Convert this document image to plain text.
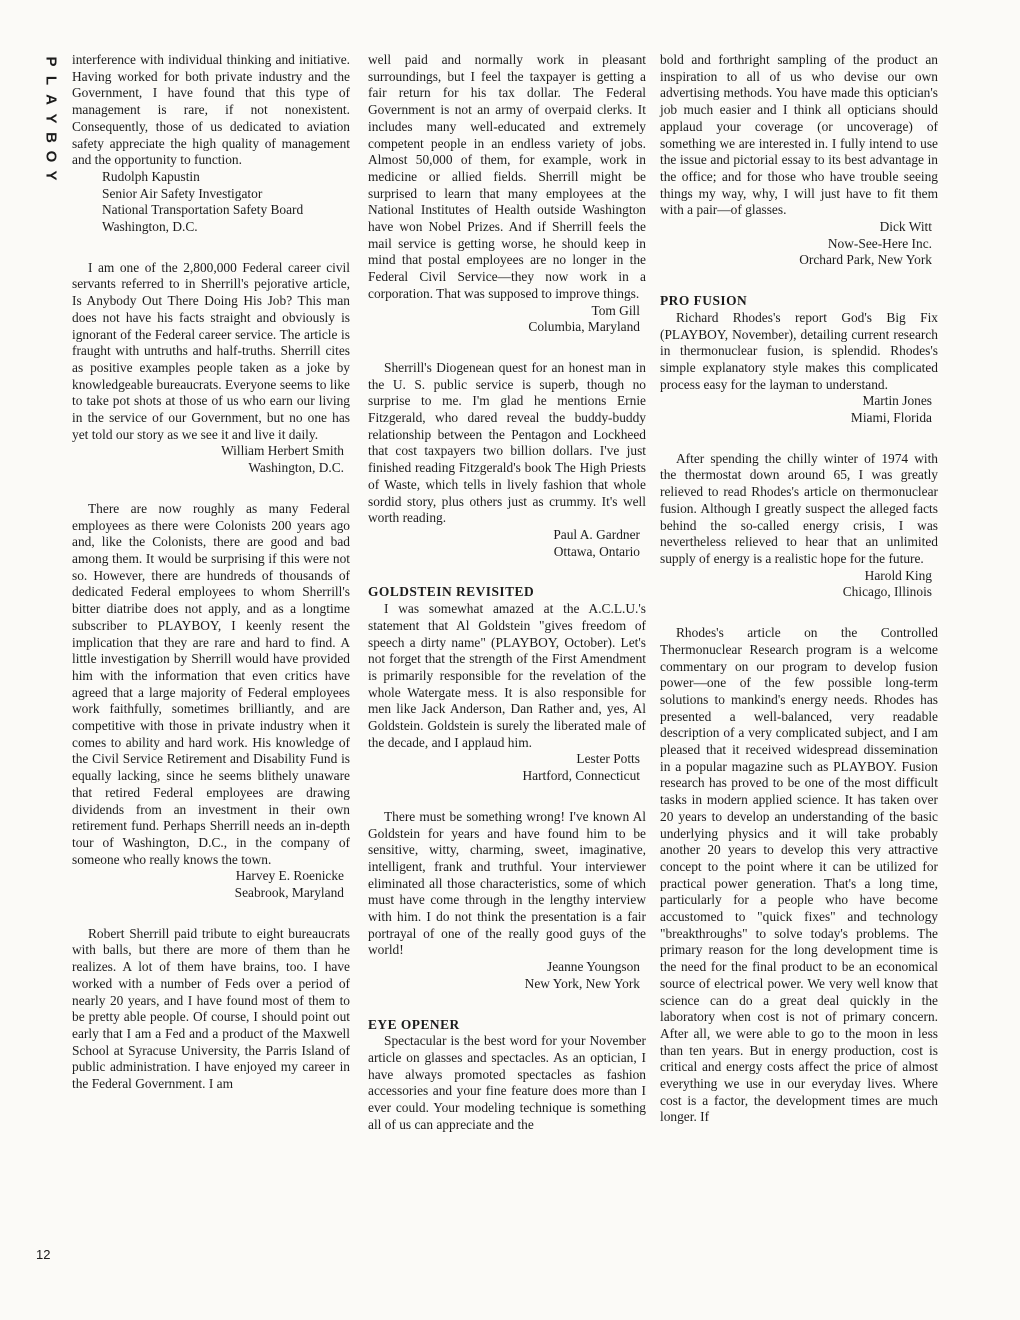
P
L
A
Y
B
O
Y
12

interference with individual thinking and initiative. Having worked for both private industry and the Government, I have found that this type of management is rare, if not nonexistent. Consequently, those of us dedicated to aviation safety appreciate the high quality of management and the opportunity to function.

Rudolph Kapustin
Senior Air Safety Investigator
National Transportation Safety Board
Washington, D.C.

I am one of the 2,800,000 Federal career civil servants referred to in Sherrill's pejorative article, Is Anybody Out There Doing His Job? This man does not have his facts straight and obviously is ignorant of the Federal career service. The article is fraught with untruths and half-truths. Sherrill cites as positive examples people taken as a joke by knowledgeable bureaucrats. Everyone seems to like to take pot shots at those of us who earn our living in the service of our Government, but no one has yet told our story as we see it and live it daily.

William Herbert Smith
Washington, D.C.

There are now roughly as many Federal employees as there were Colonists 200 years ago and, like the Colonists, there are good and bad among them. It would be surprising if this were not so. However, there are hundreds of thousands of dedicated Federal employees to whom Sherrill's bitter diatribe does not apply, and as a longtime subscriber to PLAYBOY, I keenly resent the implication that they are rare and hard to find. A little investigation by Sherrill would have provided him with the information that even critics have agreed that a large majority of Federal employees work faithfully, sometimes brilliantly, and are competitive with those in private industry when it comes to ability and hard work. His knowledge of the Civil Service Retirement and Disability Fund is equally lacking, since he seems blithely unaware that retired Federal employees are drawing dividends from an investment in their own retirement fund. Perhaps Sherrill needs an in-depth tour of Washington, D.C., in the company of someone who really knows the town.

Harvey E. Roenicke
Seabrook, Maryland

Robert Sherrill paid tribute to eight bureaucrats with balls, but there are more of them than he realizes. A lot of them have brains, too. I have worked with a number of Feds over a period of nearly 20 years, and I have found most of them to be pretty able people. Of course, I should point out early that I am a Fed and a product of the Maxwell School at Syracuse University, the Parris Island of public administration. I have enjoyed my career in the Federal Government. I am

well paid and normally work in pleasant surroundings, but I feel the taxpayer is getting a fair return for his tax dollar. The Federal Government is not an army of overpaid clerks. It includes many well-educated and extremely competent people in an endless variety of jobs. Almost 50,000 of them, for example, work in medicine or allied fields. Sherrill might be surprised to learn that many employees at the National Institutes of Health outside Washington have won Nobel Prizes. And if Sherrill feels the mail service is getting worse, he should keep in mind that postal employees are no longer in the Federal Civil Service—they now work in a corporation. That was supposed to improve things.

Tom Gill
Columbia, Maryland

Sherrill's Diogenean quest for an honest man in the U. S. public service is superb, though no surprise to me. I'm glad he mentions Ernie Fitzgerald, who dared reveal the buddy-buddy relationship between the Pentagon and Lockheed that cost taxpayers two billion dollars. I've just finished reading Fitzgerald's book The High Priests of Waste, which tells in lively fashion that whole sordid story, plus others just as crummy. It's well worth reading.

Paul A. Gardner
Ottawa, Ontario
GOLDSTEIN REVISITED

I was somewhat amazed at the A.C.L.U.'s statement that Al Goldstein "gives freedom of speech a dirty name" (PLAYBOY, October). Let's not forget that the strength of the First Amendment is primarily responsible for the revelation of the whole Watergate mess. It is also responsible for men like Jack Anderson, Dan Rather and, yes, Al Goldstein. Goldstein is surely the liberated male of the decade, and I applaud him.

Lester Potts
Hartford, Connecticut

There must be something wrong! I've known Al Goldstein for years and have found him to be sensitive, witty, charming, sweet, imaginative, intelligent, frank and truthful. Your interviewer eliminated all those characteristics, some of which must have come through in the lengthy interview with him. I do not think the presentation is a fair portrayal of one of the really good guys of the world!

Jeanne Youngson
New York, New York
EYE OPENER

Spectacular is the best word for your November article on glasses and spectacles. As an optician, I have always promoted spectacles as fashion accessories and your fine feature does more than I ever could. Your modeling technique is something all of us can appreciate and the

bold and forthright sampling of the product an inspiration to all of us who devise our own advertising methods. You have made this optician's job much easier and I think all opticians should applaud your coverage (or uncoverage) of something we are interested in. I fully intend to use the issue and pictorial essay to its best advantage in the office; and for those who have trouble seeing things my way, why, I will just have to fit them with a pair—of glasses.

Dick Witt
Now-See-Here Inc.
Orchard Park, New York
PRO FUSION

Richard Rhodes's report God's Big Fix (PLAYBOY, November), detailing current research in thermonuclear fusion, is splendid. Rhodes's simple explanatory style makes this complicated process easy for the layman to understand.

Martin Jones
Miami, Florida

After spending the chilly winter of 1974 with the thermostat down around 65, I was greatly relieved to read Rhodes's article on thermonuclear fusion. Although I greatly suspect the alleged facts behind the so-called energy crisis, I was nevertheless relieved to hear that an unlimited supply of energy is a realistic hope for the future.

Harold King
Chicago, Illinois

Rhodes's article on the Controlled Thermonuclear Research program is a welcome commentary on our program to develop fusion power—one of the few possible long-term solutions to mankind's energy needs. Rhodes has presented a well-balanced, very readable description of a very complicated subject, and I am pleased that it received widespread dissemination in a popular magazine such as PLAYBOY. Fusion research has proved to be one of the most difficult tasks in modern applied science. It has taken over 20 years to develop an understanding of the basic underlying physics and it will take probably another 20 years to develop this very attractive concept to the point where it can be utilized for practical power generation. That's a long time, particularly for a people who have become accustomed to "quick fixes" and technology "breakthroughs" to solve today's problems. The primary reason for the long development time is the need for the final product to be an economical source of electrical power. We very well know that science can do a great deal quickly in the laboratory when cost is not of primary concern. After all, we were able to go to the moon in less than ten years. But in energy production, cost is critical and energy costs affect the price of almost everything we use in our everyday lives. Where cost is a factor, the development times are much longer. If
